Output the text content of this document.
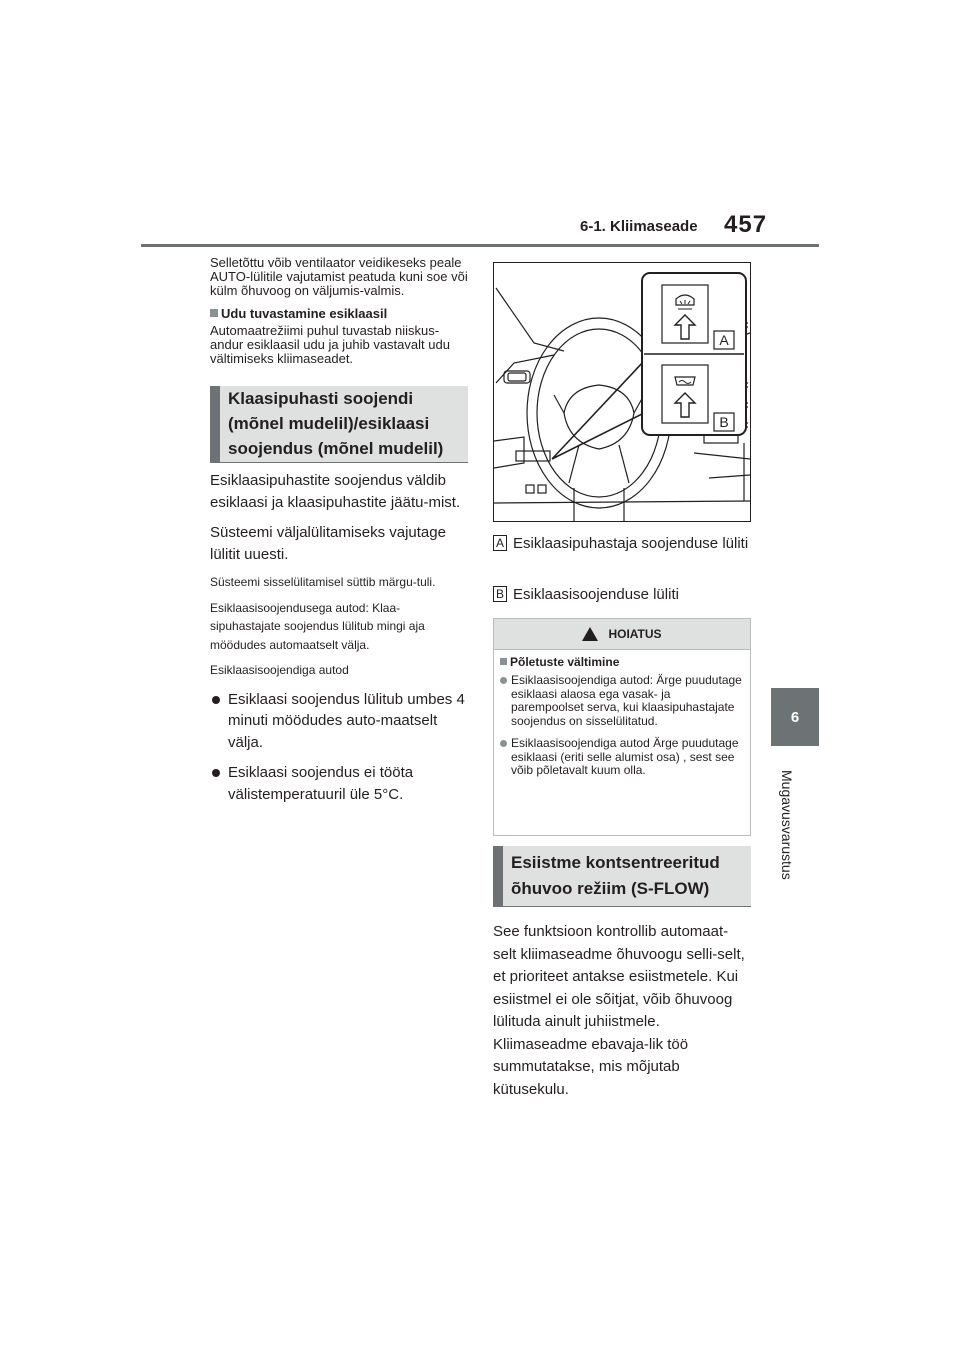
6-1. Kliimaseade 457
6
Mugavusvarustus

Selletõttu võib ventilaator veidikeseks peale AUTO-lülitile vajutamist peatuda kuni soe või külm õhuvoog on väljumis-valmis.

Udu tuvastamine esiklaasil

Automaatrežiimi puhul tuvastab niiskus-andur esiklaasil udu ja juhib vastavalt udu vältimiseks kliimaseadet.

Klaasipuhasti soojendi (mõnel mudelil)/esiklaasi soojendus (mõnel mudelil)

Esiklaasipuhastite soojendus väldib esiklaasi ja klaasipuhastite jäätu-mist.

Süsteemi väljalülitamiseks vajutage lülitit uuesti.

Süsteemi sisselülitamisel süttib märgu-tuli.

Esiklaasisoojendusega autod: Klaa-sipuhastajate soojendus lülitub mingi aja möödudes automaatselt välja.

Esiklaasisoojendiga autod

Esiklaasi soojendus lülitub umbes 4 minuti möödudes auto-maatselt välja.

Esiklaasi soojendus ei tööta välistemperatuuril üle 5°C.

A
B
A Esiklaasipuhastaja soojenduse lüliti
B Esiklaasisoojenduse lüliti
HOIATUS
Põletuste vältimine
Esiklaasisoojendiga autod: Ärge puudutage esiklaasi alaosa ega vasak- ja parempoolset serva, kui klaasipuhastajate soojendus on sisselülitatud.
Esiklaasisoojendiga autod Ärge puudutage esiklaasi (eriti selle alumist osa) , sest see võib põletavalt kuum olla.
Esiistme kontsentreeritud õhuvoo režiim (S-FLOW)

See funktsioon kontrollib automaat-selt kliimaseadme õhuvoogu selli-selt, et prioriteet antakse esiistmetele. Kui esiistmel ei ole sõitjat, võib õhuvoog lülituda ainult juhiistmele. Kliimaseadme ebavaja-lik töö summutatakse, mis mõjutab kütusekulu.
